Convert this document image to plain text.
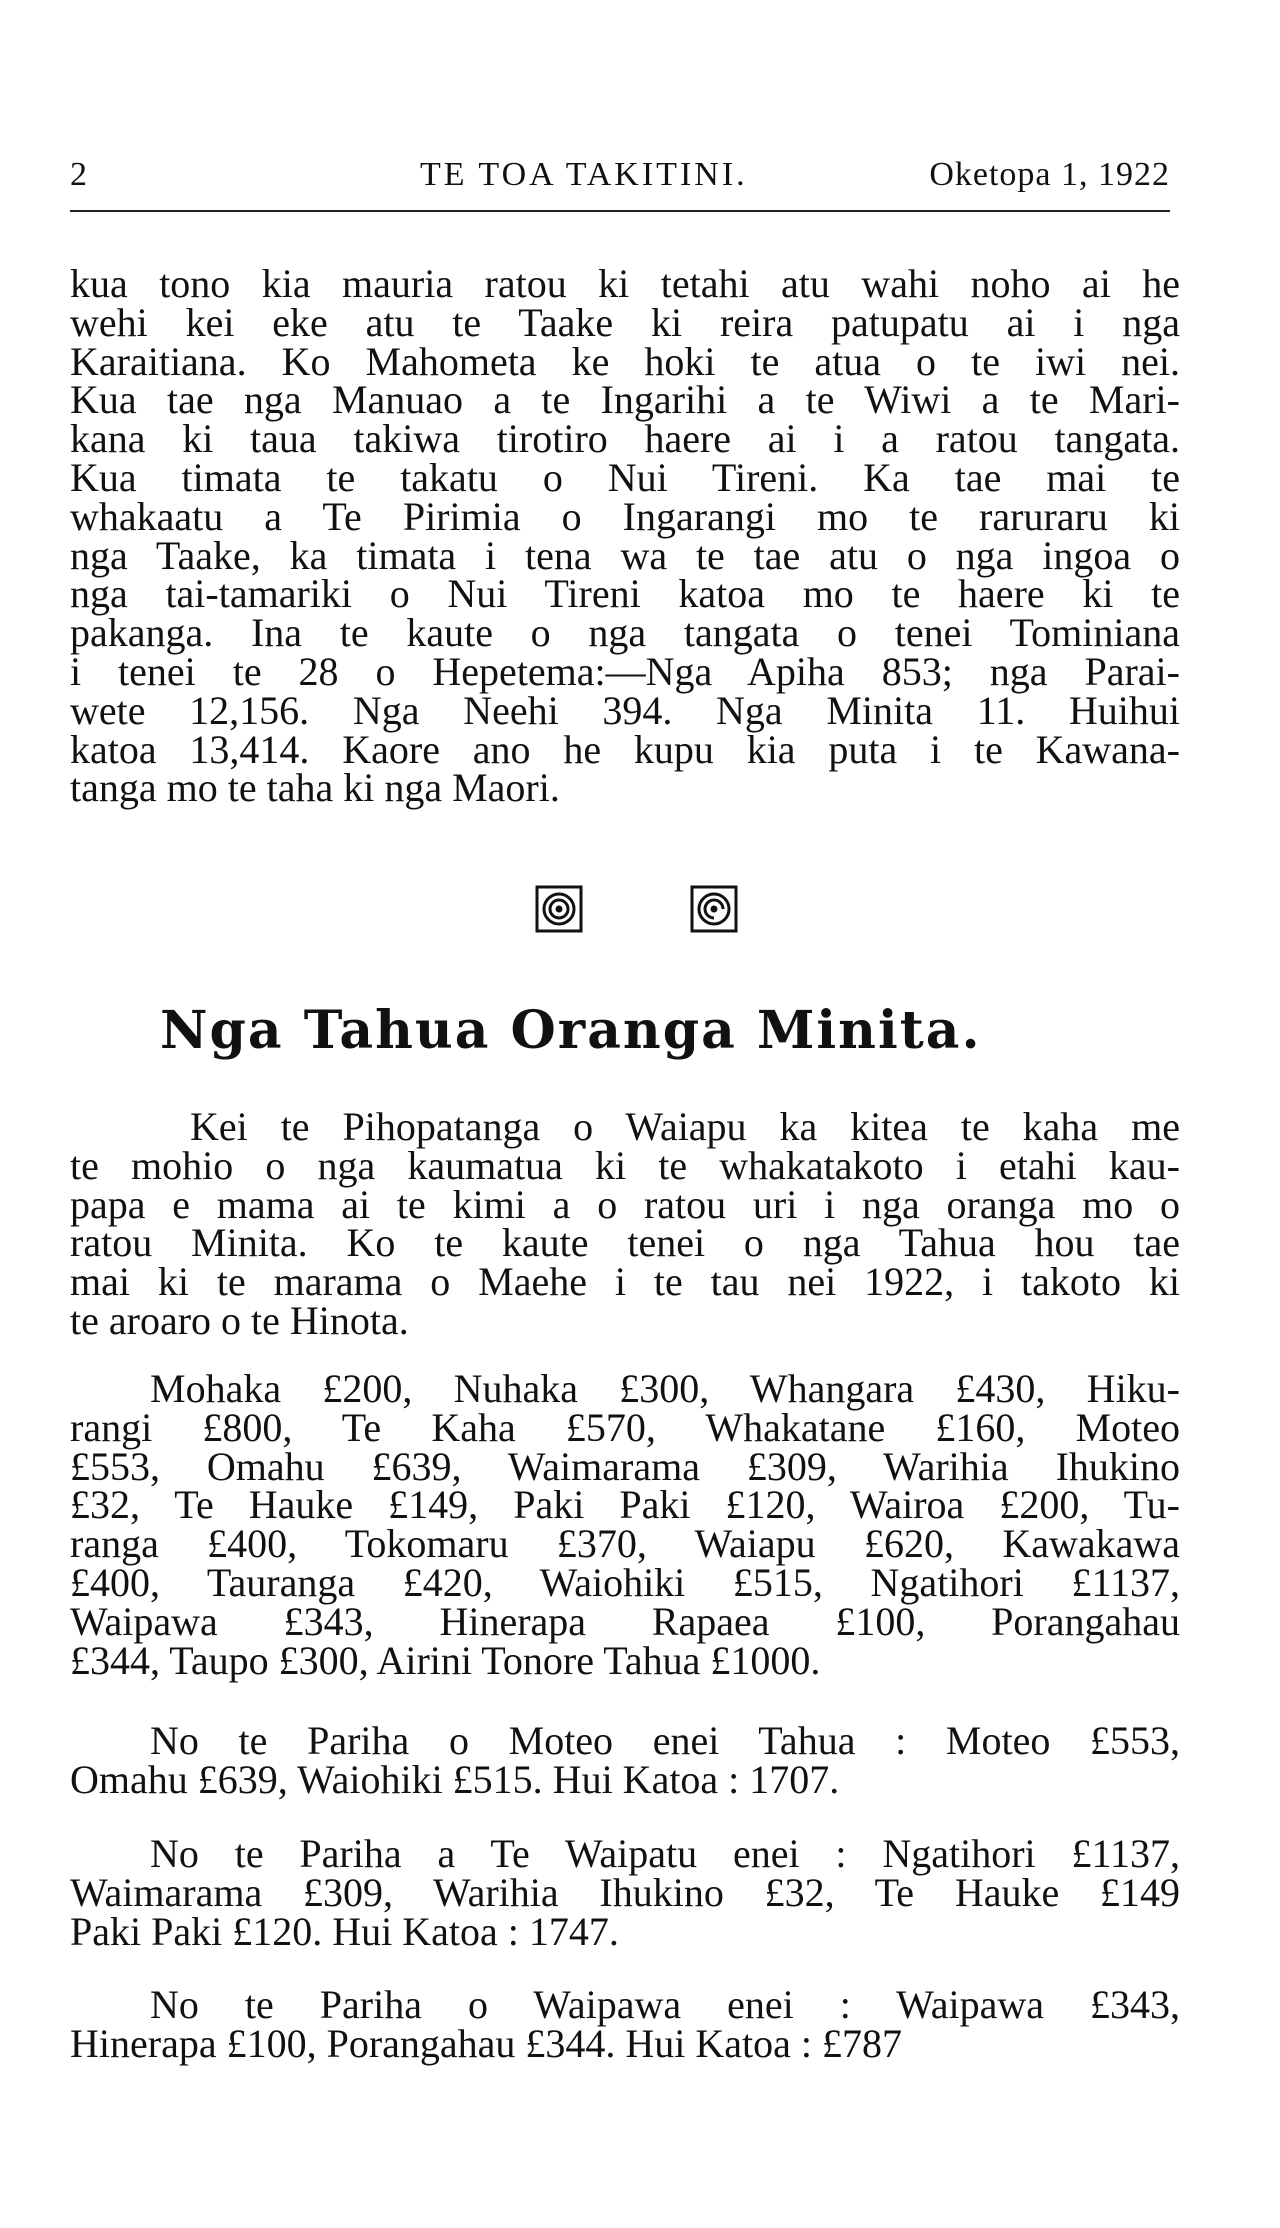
2	TE TOA TAKITINI.	Oketopa 1, 1922
kua tono kia mauria ratou ki tetahi atu wahi noho ai he
wehi kei eke atu te Taake ki reira patupatu ai i nga
Karaitiana. Ko Mahometa ke hoki te atua o te iwi nei.
Kua tae nga Manuao a te Ingarihi a te Wiwi a te Mari-
kana ki taua takiwa tirotiro haere ai i a ratou tangata.
Kua timata te takatu o Nui Tireni. Ka tae mai te
whakaatu a Te Pirimia o Ingarangi mo te raruraru ki
nga Taake, ka timata i tena wa te tae atu o nga ingoa o
nga tai-tamariki o Nui Tireni katoa mo te haere ki te
pakanga. Ina te kaute o nga tangata o tenei Tominiana
i tenei te 28 o Hepetema:—Nga Apiha 853; nga Parai-
wete 12,156. Nga Neehi 394. Nga Minita 11. Huihui
katoa 13,414. Kaore ano he kupu kia puta i te Kawana-
tanga mo te taha ki nga Maori.
Nga Tahua Oranga Minita.
Kei te Pihopatanga o Waiapu ka kitea te kaha me
te mohio o nga kaumatua ki te whakatakoto i etahi kau-
papa e mama ai te kimi a o ratou uri i nga oranga mo o
ratou Minita. Ko te kaute tenei o nga Tahua hou tae
mai ki te marama o Maehe i te tau nei 1922, i takoto ki
te aroaro o te Hinota.
Mohaka £200, Nuhaka £300, Whangara £430, Hiku-
rangi £800, Te Kaha £570, Whakatane £160, Moteo
£553, Omahu £639, Waimarama £309, Warihia Ihukino
£32, Te Hauke £149, Paki Paki £120, Wairoa £200, Tu-
ranga £400, Tokomaru £370, Waiapu £620, Kawakawa
£400, Tauranga £420, Waiohiki £515, Ngatihori £1137,
Waipawa £343, Hinerapa Rapaea £100, Porangahau
£344, Taupo £300, Airini Tonore Tahua £1000.
No te Pariha o Moteo enei Tahua : Moteo £553,
Omahu £639, Waiohiki £515. Hui Katoa : 1707.
No te Pariha a Te Waipatu enei : Ngatihori £1137,
Waimarama £309, Warihia Ihukino £32, Te Hauke £149
Paki Paki £120. Hui Katoa : 1747.
No te Pariha o Waipawa enei : Waipawa £343,
Hinerapa £100, Porangahau £344. Hui Katoa : £787
